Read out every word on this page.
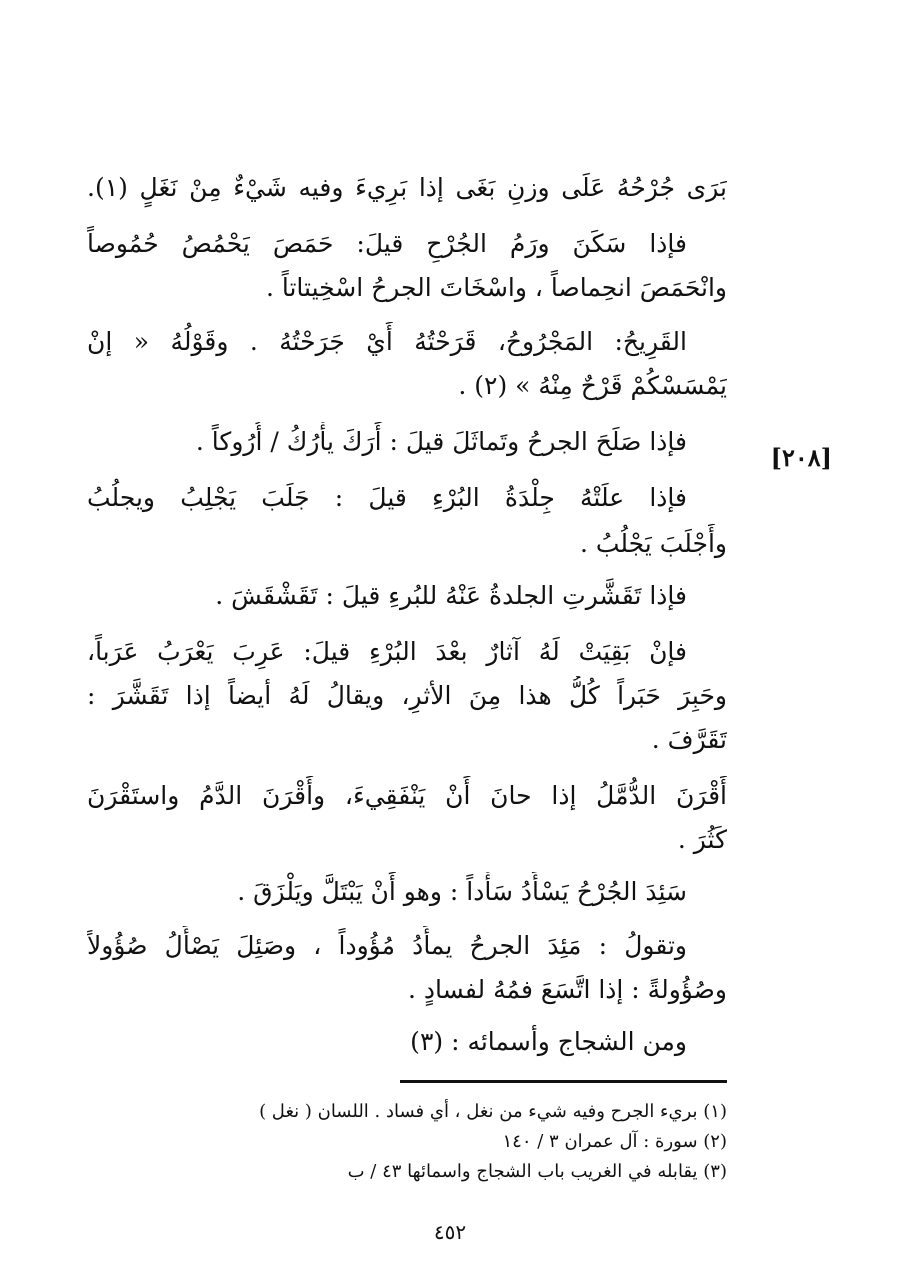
بَرَى جُرْحُهُ عَلَى وزنِ بَغَى إذا بَرِيءَ وفيه شَيْءٌ مِنْ نَغَلٍ (١).
فإذا سَكَنَ ورَمُ الجُرْحِ قيلَ: حَمَصَ يَحْمُصُ حُمُوصاً
وانْحَمَصَ انحِماصاً ، واسْخَاتَ الجرحُ اسْخِيتاتاً .
القَرِيحُ: المَجْرُوحُ، قَرَحْتُهُ أَيْ جَرَحْتُهُ . وقَوْلُهُ « إنْ
يَمْسَسْكُمْ قَرْحٌ مِنْهُ » (٢) .
فإذا صَلَحَ الجرحُ وتَماثَلَ قيلَ : أَرَكَ يأْرُكُ / أُرُوكاً .
[٢٠٨]
فإذا علَتْهُ جِلْدَةُ البُرْءِ قيلَ : جَلَبَ يَجْلِبُ ويجلُبُ
وأَجْلَبَ يَجْلُبُ .
فإذا تَقَشَّرتِ الجلدةُ عَنْهُ للبُرءِ قيلَ : تَقَشْقَشَ .
فإنْ بَقِيَتْ لَهُ آثارٌ بعْدَ البُرْءِ قيلَ: عَرِبَ يَعْرَبُ عَرَباً،
وحَبِرَ حَبَراً كُلُّ هذا مِنَ الأثرِ، ويقالُ لَهُ أيضاً إذا تَقَشَّرَ :
تَقَرَّفَ .
أَقْرَنَ الدُّمَّلُ إذا حانَ أَنْ يَنْفَقِيءَ، وأَقْرَنَ الدَّمُ واستَقْرَنَ
كَثُرَ .
سَئِدَ الجُرْحُ يَسْأَدُ سَأْداً : وهو أَنْ يَبْتَلَّ ويَلْزَقَ .
وتقولُ : مَئِدَ الجرحُ يمأَدُ مُؤُوداً ، وصَئِلَ يَصْأَلُ صُؤُولاً
وصُؤُولةً : إذا اتَّسَعَ فمُهُ لفسادٍ .
ومن الشجاج وأسمائه : (٣)
(١) بريء الجرح وفيه شيء من نغل ، أي فساد . اللسان ( نغل )
(٢) سورة : آل عمران ٣ / ١٤٠
(٣) يقابله في الغريب باب الشجاج واسمائها ٤٣ / ب
٤٥٢
